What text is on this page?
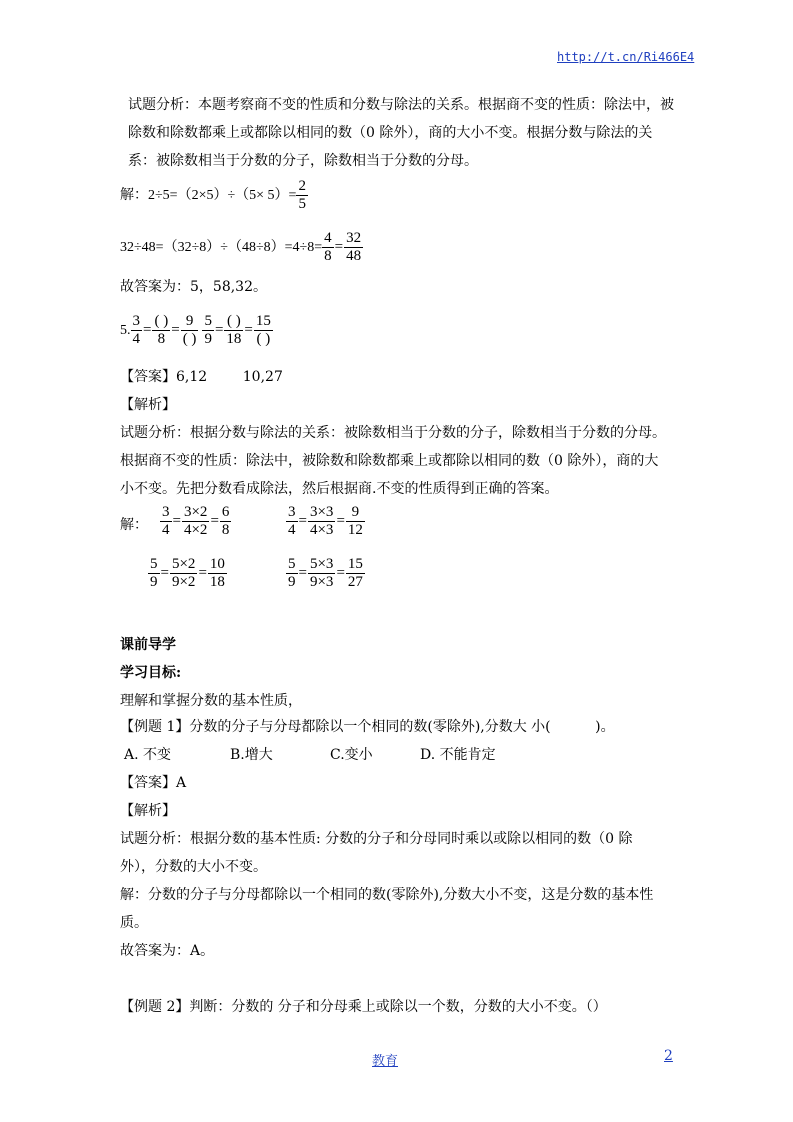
http://t.cn/Ri466E4
试题分析：本题考察商不变的性质和分数与除法的关系。根据商不变的性质：除法中，被
除数和除数都乘上或都除以相同的数（0 除外），商的大小不变。根据分数与除法的关
系：被除数相当于分数的分子，除数相当于分数的分母。
解：$2\div 5=(2\times 5)\div(5\times 5)= \frac{2}{5}$
$32\div 48=(32\div 8)\div(48\div 8)=4\div 8= \frac{4}{8} = \frac{32}{48}$
故答案为：5，58,32。
5. $\frac{3}{4} = \frac{( )}{8} = \frac{9}{( )} \frac{5}{9} = \frac{( )}{18} = \frac{15}{( )}$
【答案】6,12        10,27
【解析】
试题分析：根据分数与除法的关系：被除数相当于分数的分子，除数相当于分数的分母。
根据商不变的性质：除法中，被除数和除数都乘上或都除以相同的数（0 除外），商的大
小不变。先把分数看成除法，然后根据商.不变的性质得到正确的答案。
解： $\frac{3}{4} = \frac{3\times 2}{4\times 2} = \frac{6}{8}$	$\frac{3}{4} = \frac{3\times 3}{4\times 3} = \frac{9}{12}$
$\frac{5}{9} = \frac{5\times 2}{9\times 2} = \frac{10}{18}$	$\frac{5}{9} = \frac{5\times 3}{9\times 3} = \frac{15}{27}$
课前导学
学习目标:
理解和掌握分数的基本性质，
【例题 1】分数的分子与分母都除以一个相同的数(零除外),分数大 小(          )。
A. 不变	B.增大	C.变小	D. 不能肯定
【答案】A
【解析】
试题分析：根据分数的基本性质: 分数的分子和分母同时乘以或除以相同的数（0 除
外），分数的大小不变。
解：分数的分子与分母都除以一个相同的数(零除外),分数大小不变，这是分数的基本性
质。
故答案为：A。
【例题 2】判断：分数的 分子和分母乘上或除以一个数，分数的大小不变。（）
教育	2
